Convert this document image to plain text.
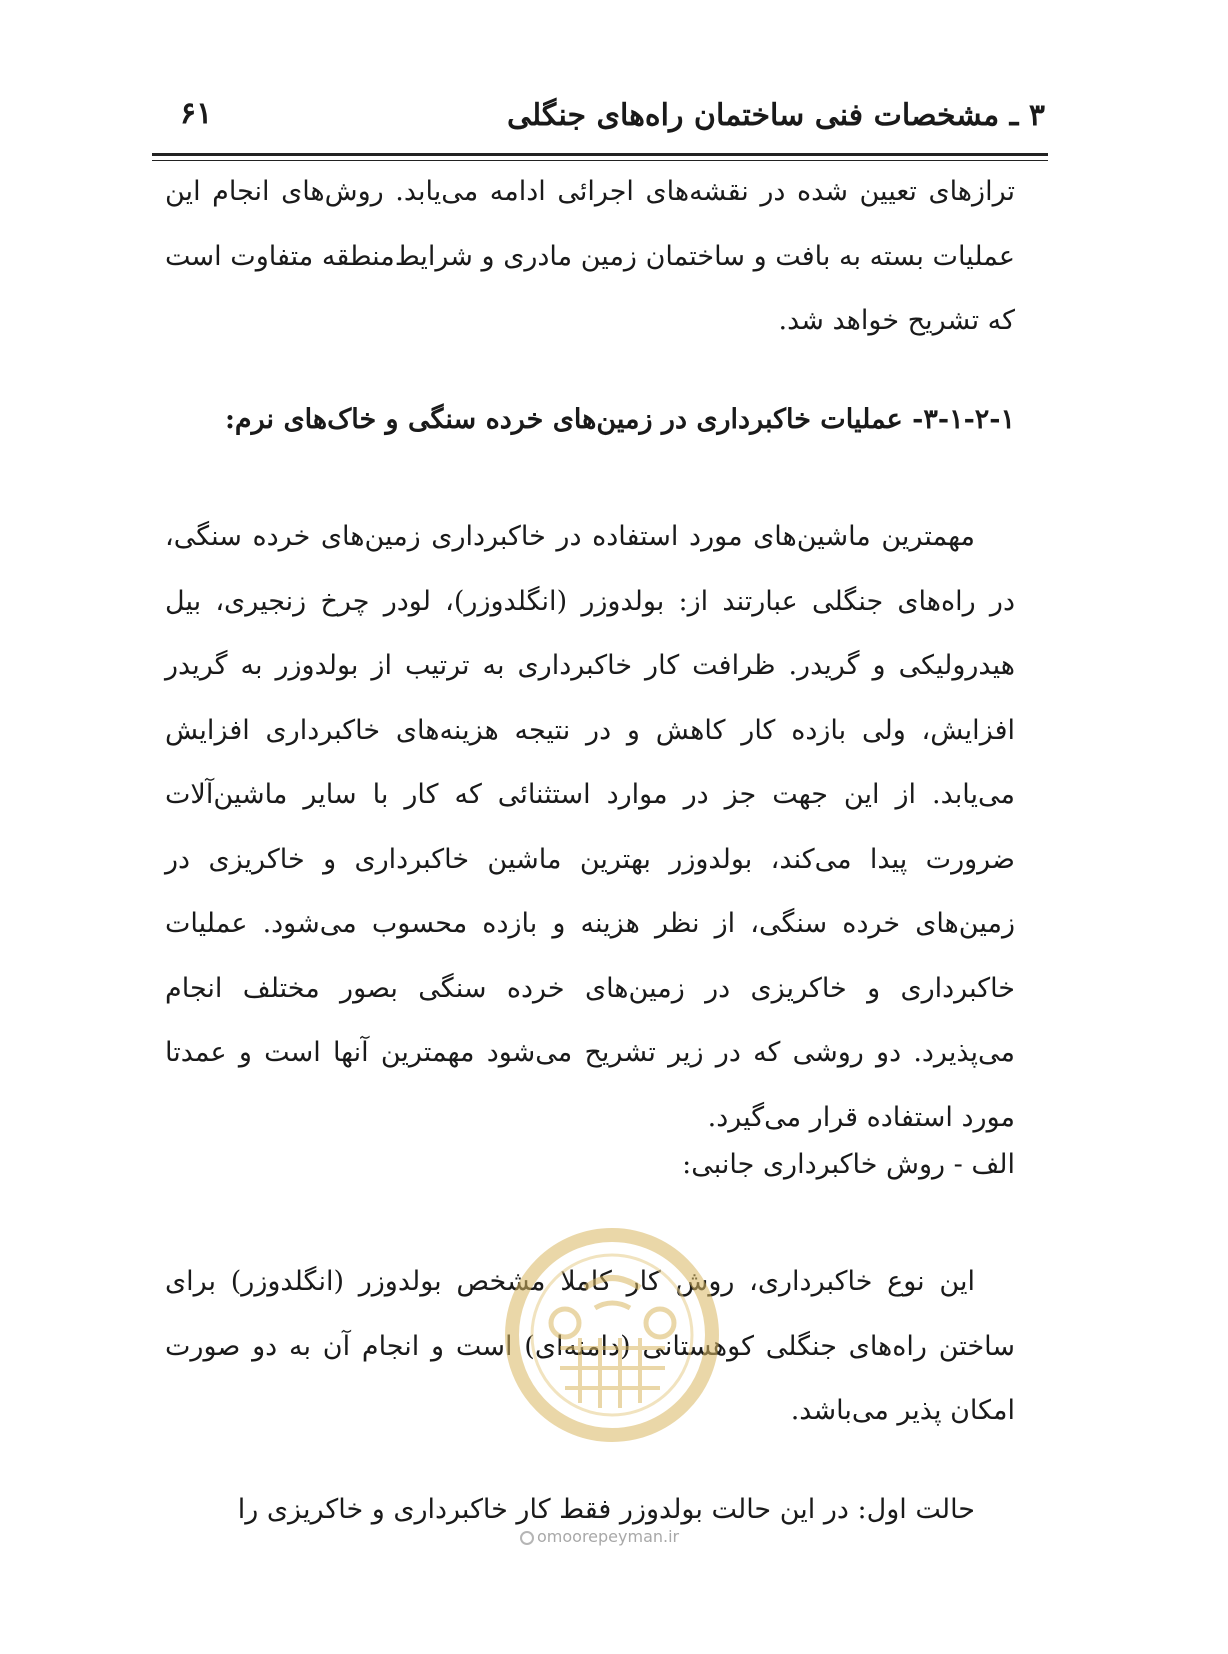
۳ ـ مشخصات فنی ساختمان راه‌های جنگلی
۶۱

ترازهای تعیین شده در نقشه‌های اجرائی ادامه می‌یابد. روش‌های انجام این عملیات بسته به بافت و ساختمان زمین مادری و شرایط‌منطقه متفاوت است که تشریح خواهد شد.

۳-۱-۲-۱- عملیات خاکبرداری در زمین‌های خرده سنگی و خاک‌های نرم:

مهمترین ماشین‌های مورد استفاده در خاکبرداری زمین‌های خرده سنگی، در راه‌های جنگلی عبارتند از: بولدوزر (انگلدوزر)، لودر چرخ زنجیری، بیل هیدرولیکی و گریدر. ظرافت کار خاکبرداری به ترتیب از بولدوزر به گریدر افزایش، ولی بازده کار کاهش و در نتیجه هزینه‌های خاکبرداری افزایش می‌یابد. از این جهت جز در موارد استثنائی که کار با سایر ماشین‌آلات ضرورت پیدا می‌کند، بولدوزر بهترین ماشین خاکبرداری و خاکریزی در زمین‌های خرده سنگی، از نظر هزینه و بازده محسوب می‌شود. عملیات خاکبرداری و خاکریزی در زمین‌های خرده سنگی بصور مختلف انجام می‌پذیرد. دو روشی که در زیر تشریح می‌شود مهمترین آنها است و عمدتا مورد استفاده قرار می‌گیرد.

الف - روش خاکبرداری جانبی:

این نوع خاکبرداری، روش کار کاملا مشخص بولدوزر (انگلدوزر) برای ساختن راه‌های جنگلی کوهستانی (دامنه‌ای) است و انجام آن به دو صورت امکان پذیر می‌باشد.

حالت اول: در این حالت بولدوزر فقط کار خاکبرداری و خاکریزی را

omoorepeyman.ir
